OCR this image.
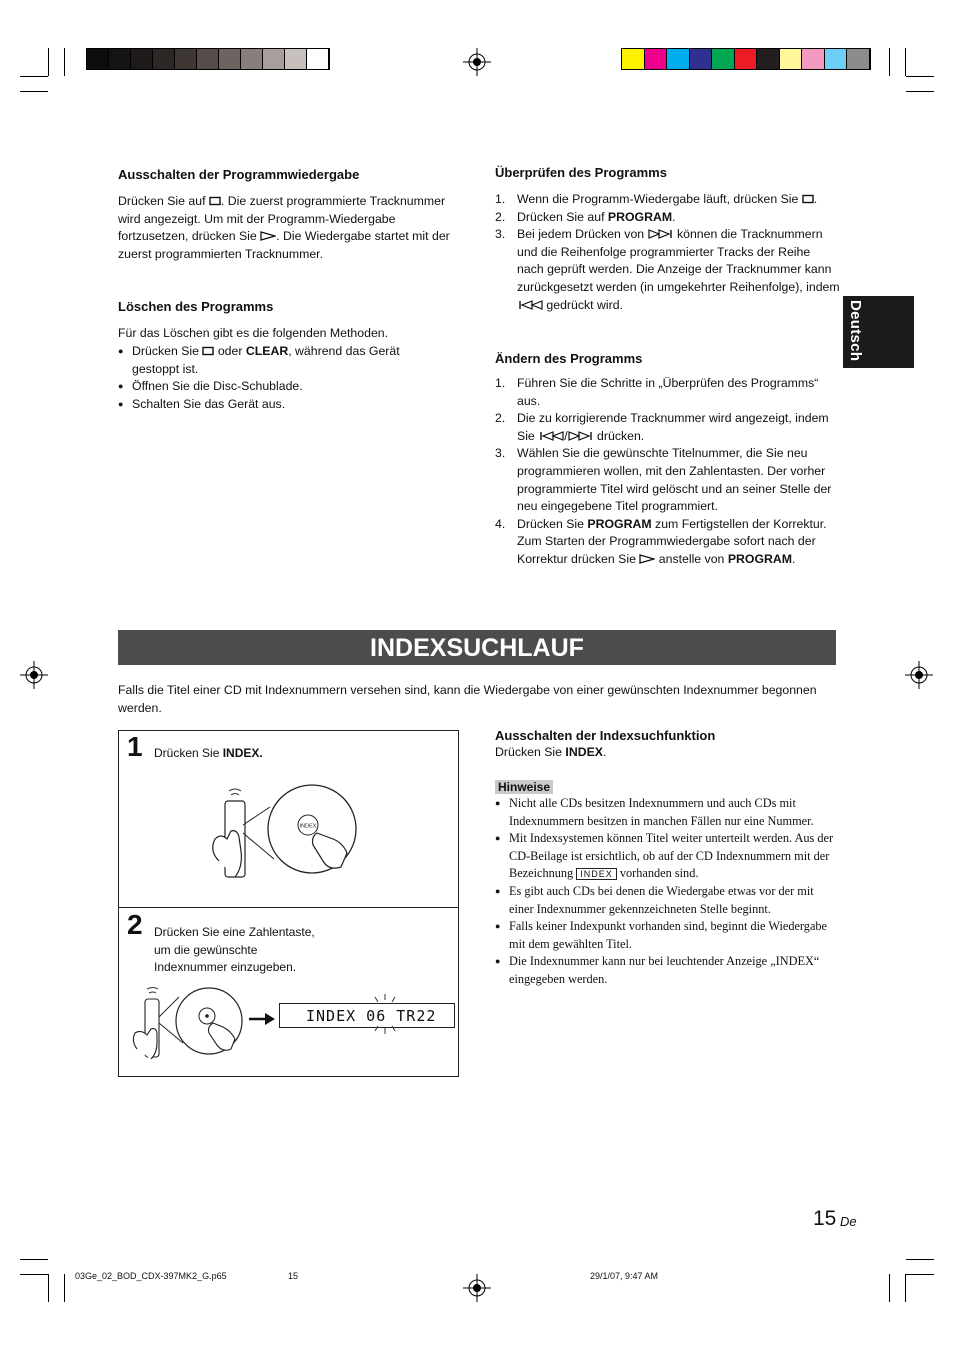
Ausschalten der Programmwiedergabe
Drücken Sie auf . Die zuerst programmierte Tracknummer wird angezeigt. Um mit der Programm-Wiedergabe fortzusetzen, drücken Sie . Die Wiedergabe startet mit der zuerst programmierten Tracknummer.
Löschen des Programms
Für das Löschen gibt es die folgenden Methoden.
● Drücken Sie  oder CLEAR, während das Gerät gestoppt ist.
● Öffnen Sie die Disc-Schublade.
● Schalten Sie das Gerät aus.
Überprüfen des Programms
1. Wenn die Programm-Wiedergabe läuft, drücken Sie .
2. Drücken Sie auf PROGRAM.
3. Bei jedem Drücken von  können die Tracknummern und die Reihenfolge programmierter Tracks der Reihe nach geprüft werden. Die Anzeige der Tracknummer kann zurückgesetzt werden (in umgekehrter Reihenfolge), indem  gedrückt wird.
Ändern des Programms
1. Führen Sie die Schritte in „Überprüfen des Programms“ aus.
2. Die zu korrigierende Tracknummer wird angezeigt, indem Sie / drücken.
3. Wählen Sie die gewünschte Titelnummer, die Sie neu programmieren wollen, mit den Zahlentasten. Der vorher programmierte Titel wird gelöscht und an seiner Stelle der neu eingegebene Titel programmiert.
4. Drücken Sie PROGRAM zum Fertigstellen der Korrektur. Zum Starten der Programmwiedergabe sofort nach der Korrektur drücken Sie  anstelle von PROGRAM.
Deutsch
INDEXSUCHLAUF
Falls die Titel einer CD mit Indexnummern versehen sind, kann die Wiedergabe von einer gewünschten Indexnummer begonnen werden.
1 Drücken Sie INDEX.
INDEX
2 Drücken Sie eine Zahlentaste,
um die gewünschte
Indexnummer einzugeben.
INDEX 06 TR22
Ausschalten der Indexsuchfunktion
Drücken Sie INDEX.
Hinweise
● Nicht alle CDs besitzen Indexnummern und auch CDs mit Indexnummern besitzen in manchen Fällen nur eine Nummer.
● Mit Indexsystemen können Titel weiter unterteilt werden. Aus der CD-Beilage ist ersichtlich, ob auf der CD Indexnummern mit der Bezeichnung INDEX vorhanden sind.
● Es gibt auch CDs bei denen die Wiedergabe etwas vor der mit einer Indexnummer gekennzeichneten Stelle beginnt.
● Falls keiner Indexpunkt vorhanden sind, beginnt die Wiedergabe mit dem gewählten Titel.
● Die Indexnummer kann nur bei leuchtender Anzeige „INDEX“ eingegeben werden.
15 De
03Ge_02_BOD_CDX-397MK2_G.p65	15	29/1/07, 9:47 AM
